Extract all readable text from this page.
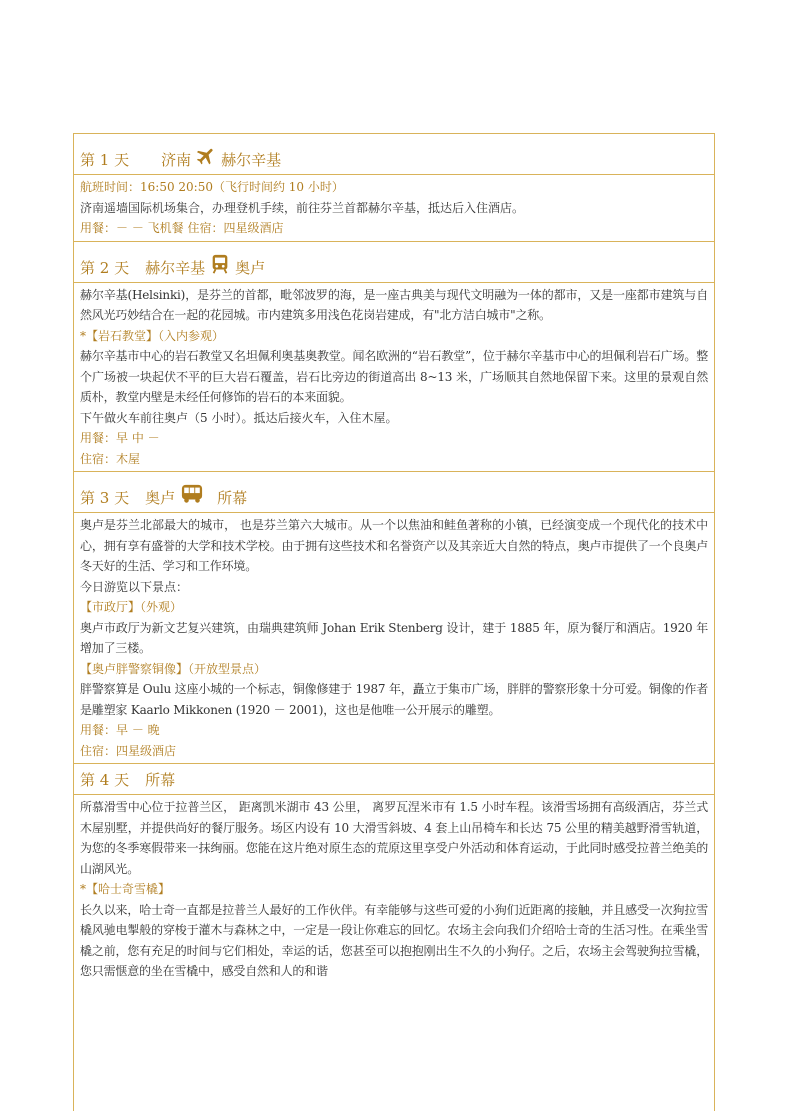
第 1 天 济南 赫尔辛基
航班时间：16:50 20:50（飞行时间约 10 小时）
济南遥墙国际机场集合，办理登机手续，前往芬兰首都赫尔辛基，抵达后入住酒店。
用餐：－ － 飞机餐 住宿：四星级酒店
第 2 天 赫尔辛基 奥卢
赫尔辛基(Helsinki)，是芬兰的首都，毗邻波罗的海，是一座古典美与现代文明融为一体的都市，又是一座都市建筑与自然风光巧妙结合在一起的花园城。市内建筑多用浅色花岗岩建成，有"北方洁白城市"之称。
*【岩石教堂】（入内参观）
赫尔辛基市中心的岩石教堂又名坦佩利奥基奥教堂。闻名欧洲的“岩石教堂”，位于赫尔辛基市中心的坦佩利岩石广场。整个广场被一块起伏不平的巨大岩石覆盖，岩石比旁边的街道高出 8~13 米，广场顺其自然地保留下来。这里的景观自然质朴，教堂内壁是未经任何修饰的岩石的本来面貌。
下午做火车前往奥卢（5 小时）。抵达后接火车，入住木屋。
用餐：早 中 －
住宿：木屋
第 3 天 奥卢	所幕
奥卢是芬兰北部最大的城市， 也是芬兰第六大城市。从一个以焦油和鲑鱼著称的小镇，已经演变成一个现代化的技术中心，拥有享有盛誉的大学和技术学校。由于拥有这些技术和名誉资产以及其亲近大自然的特点，奥卢市提供了一个良奥卢冬天好的生活、学习和工作环境。
今日游览以下景点：
【市政厅】（外观）
奥卢市政厅为新文艺复兴建筑，由瑞典建筑师 Johan Erik Stenberg 设计，建于 1885 年，原为餐厅和酒店。1920 年增加了三楼。
【奥卢胖警察铜像】（开放型景点）
胖警察算是 Oulu 这座小城的一个标志，铜像修建于 1987 年，矗立于集市广场，胖胖的警察形象十分可爱。铜像的作者是雕塑家 Kaarlo Mikkonen (1920 － 2001)，这也是他唯一公开展示的雕塑。
用餐：早 － 晚
住宿：四星级酒店
第 4 天 所幕
所慕滑雪中心位于拉普兰区， 距离凯米湖市 43 公里， 离罗瓦涅米市有 1.5 小时车程。该滑雪场拥有高级酒店，芬兰式木屋别墅，并提供尚好的餐厅服务。场区内设有 10 大滑雪斜坡、4 套上山吊椅车和长达 75 公里的精美越野滑雪轨道，为您的冬季寒假带来一抹绚丽。您能在这片绝对原生态的荒原这里享受户外活动和体育运动，于此同时感受拉普兰绝美的山湖风光。
*【哈士奇雪橇】
长久以来，哈士奇一直都是拉普兰人最好的工作伙伴。有幸能够与这些可爱的小狗们近距离的接触，并且感受一次狗拉雪橇风驰电掣般的穿梭于灌木与森林之中，一定是一段让你难忘的回忆。农场主会向我们介绍哈士奇的生活习性。在乘坐雪橇之前，您有充足的时间与它们相处，幸运的话，您甚至可以抱抱刚出生不久的小狗仔。之后，农场主会驾驶狗拉雪橇，您只需惬意的坐在雪橇中，感受自然和人的和谐
